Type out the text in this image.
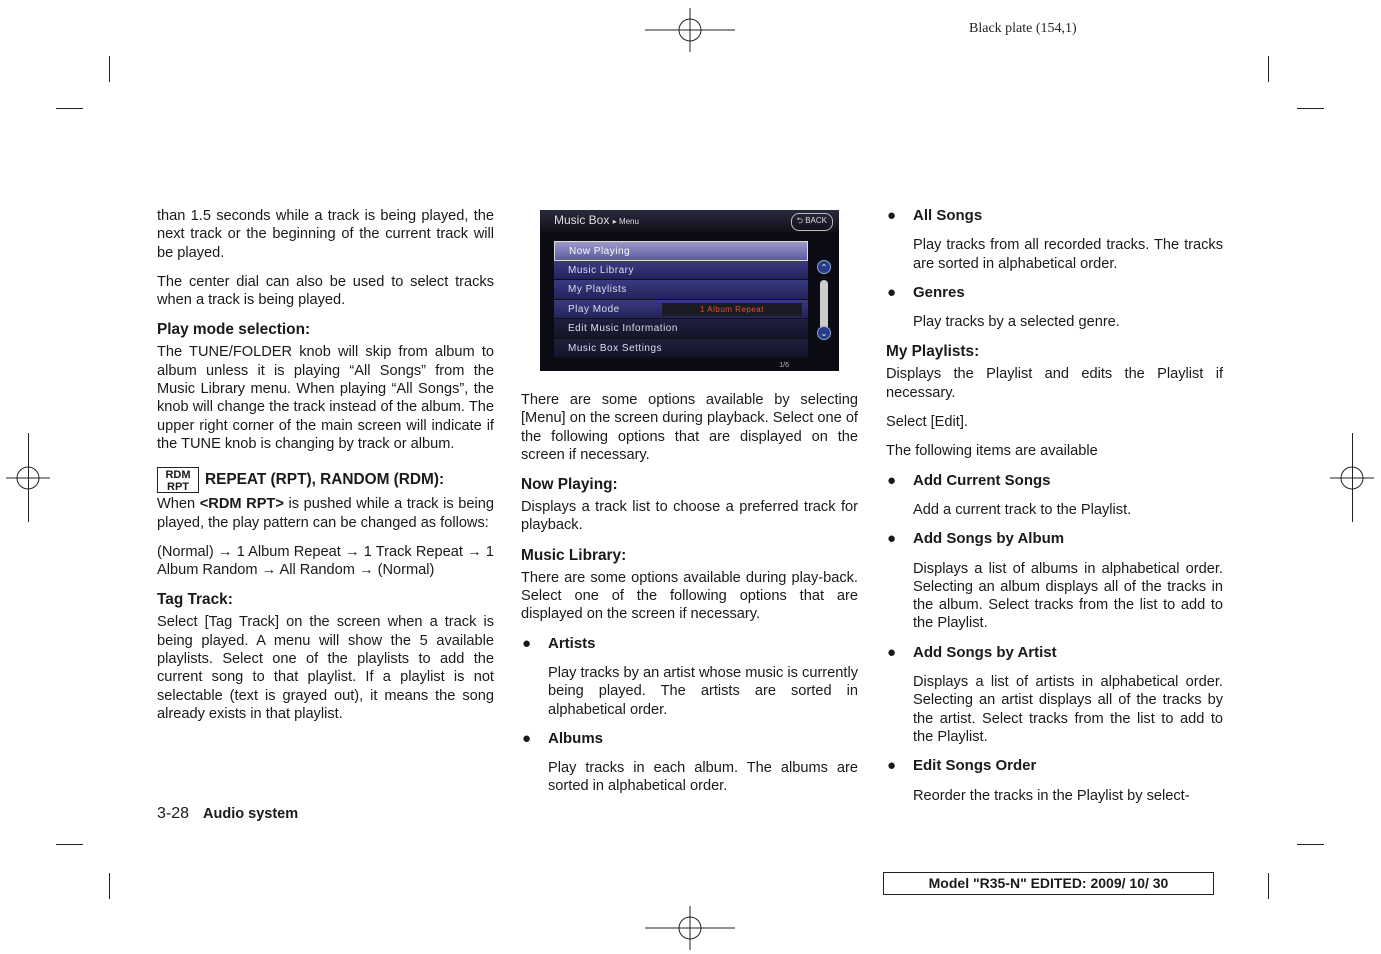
Black plate (154,1)

than 1.5 seconds while a track is being played, the next track or the beginning of the current track will be played.

The center dial can also be used to select tracks when a track is being played.

Play mode selection:

The TUNE/FOLDER knob will skip from album to album unless it is playing “All Songs” from the Music Library menu. When playing “All Songs”, the knob will change the track instead of the album. The upper right corner of the main screen will indicate if the TUNE knob is changing by track or album.

RDM
RPT REPEAT (RPT), RANDOM (RDM):

When <RDM RPT> is pushed while a track is being played, the play pattern can be changed as follows:

(Normal) → 1 Album Repeat → 1 Track Repeat → 1 Album Random → All Random → (Normal)

Tag Track:

Select [Tag Track] on the screen when a track is being played. A menu will show the 5 available playlists. Select one of the playlists to add the current song to that playlist. If a playlist is not selectable (text is grayed out), it means the song already exists in that playlist.

Music Box ▸ Menu	⮌ BACK
Now Playing
Music Library
My Playlists
Play Mode	1 Album Repeat
Edit Music Information
Music Box Settings
⌃
⌄
1/6

There are some options available by selecting [Menu] on the screen during playback. Select one of the following options that are displayed on the screen if necessary.

Now Playing:

Displays a track list to choose a preferred track for playback.

Music Library:

There are some options available during play-back. Select one of the following options that are displayed on the screen if necessary.

● Artists

Play tracks by an artist whose music is currently being played. The artists are sorted in alphabetical order.

● Albums

Play tracks in each album. The albums are sorted in alphabetical order.

● All Songs

Play tracks from all recorded tracks. The tracks are sorted in alphabetical order.

● Genres

Play tracks by a selected genre.

My Playlists:

Displays the Playlist and edits the Playlist if necessary.

Select [Edit].

The following items are available

● Add Current Songs

Add a current track to the Playlist.

● Add Songs by Album

Displays a list of albums in alphabetical order. Selecting an album displays all of the tracks in the album. Select tracks from the list to add to the Playlist.

● Add Songs by Artist

Displays a list of artists in alphabetical order. Selecting an artist displays all of the tracks by the artist. Select tracks from the list to add to the Playlist.

● Edit Songs Order

Reorder the tracks in the Playlist by select-

3-28 Audio system
Model "R35-N" EDITED: 2009/ 10/ 30
